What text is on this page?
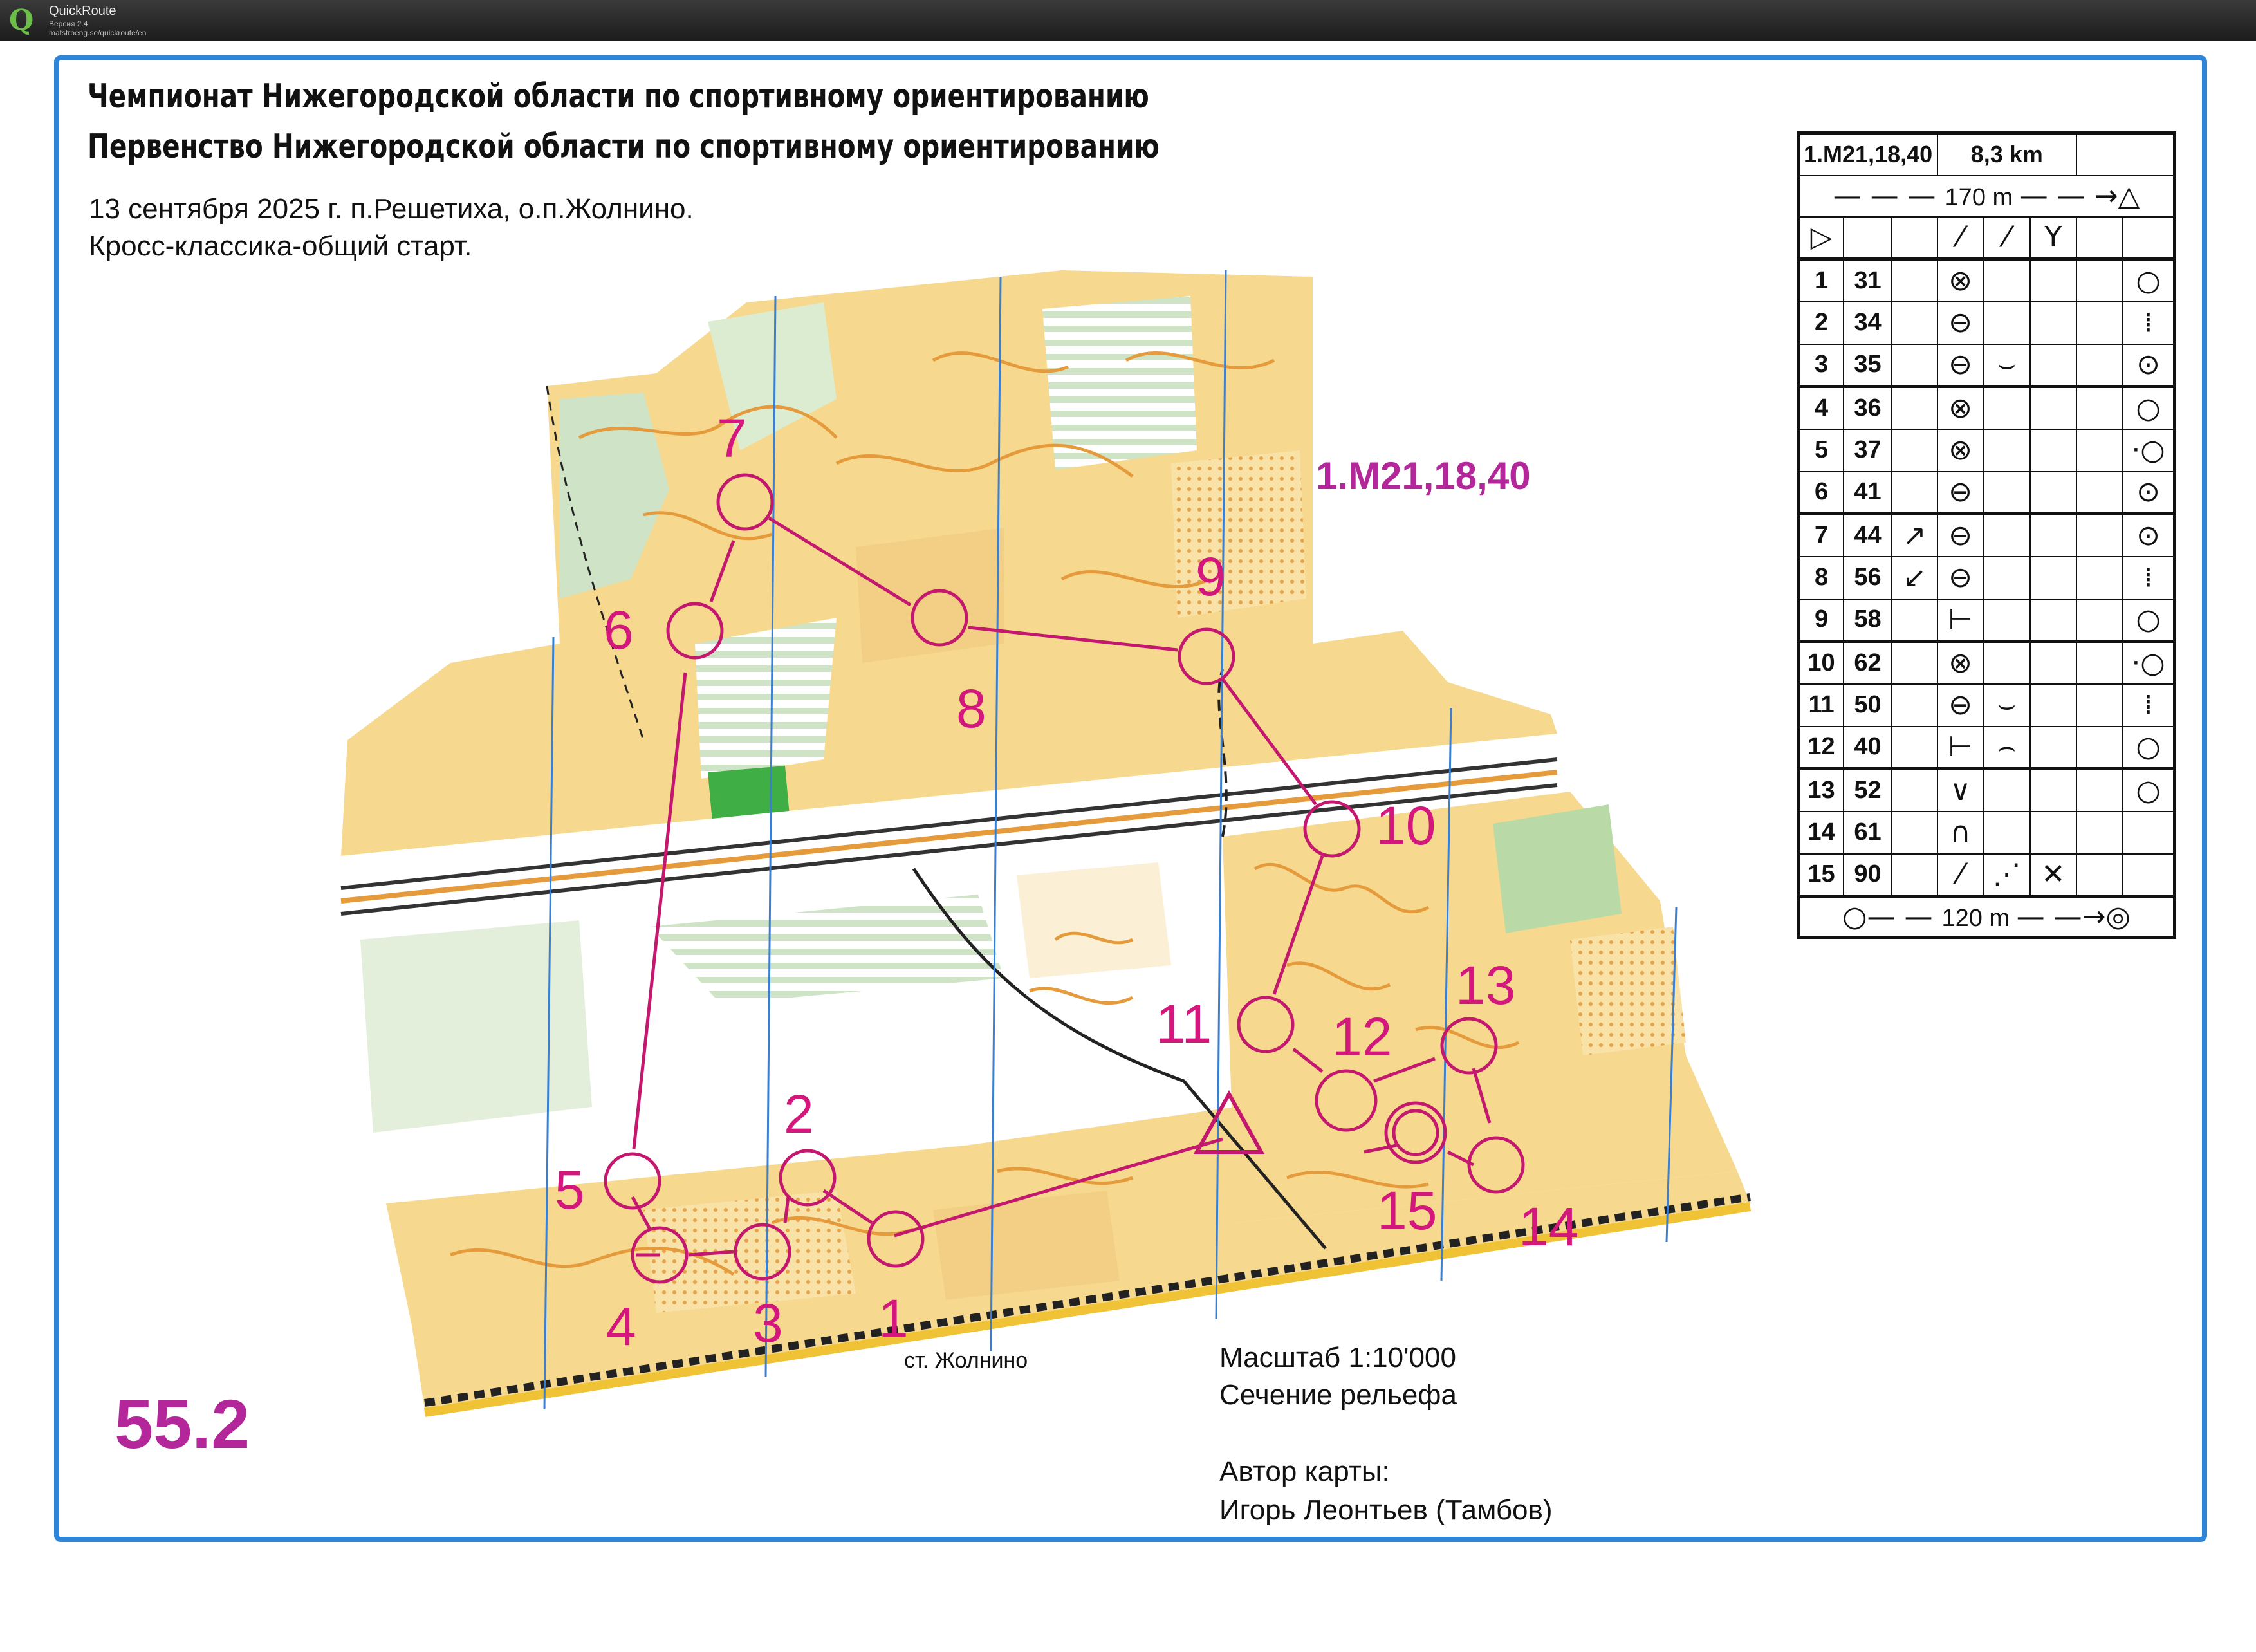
Q QuickRoute
Версия 2.4
matstroeng.se/quickroute/en
1
2
3
4
5
6
7
8
9
10
11 12
13
14
15
Чемпионат Нижегородской области по спортивному ориентированию
Первенство Нижегородской области по спортивному ориентированию
13 сентября 2025 г. п.Решетиха, о.п.Жолнино.
Кросс-классика-общий старт.
1.M21,18,40
ст. Жолнино
55.2
Масштаб 1:10'000
Сечение рельефа
Автор карты:
Игорь Леонтьев (Тамбов)
1.M21,18,40			8,3 km				
— — — 170 m — — →△							
▷			⁄	⁄	Y		
1	31		⊗				○
2	34		⊖				⁞
3	35		⊖	⌣			⊙
4	36		⊗				○
5	37		⊗				·○
6	41		⊖				⊙
7	44	↗	⊖				⊙
8	56	↙	⊖				⁞
9	58		⊢				○
10	62		⊗				·○
11	50		⊖	⌣			⁞
12	40		⊢	⌢			○
13	52		∨				○
14	61		∩				
15	90		⁄	⋰	✕		
○— — 120 m — —→◎							
